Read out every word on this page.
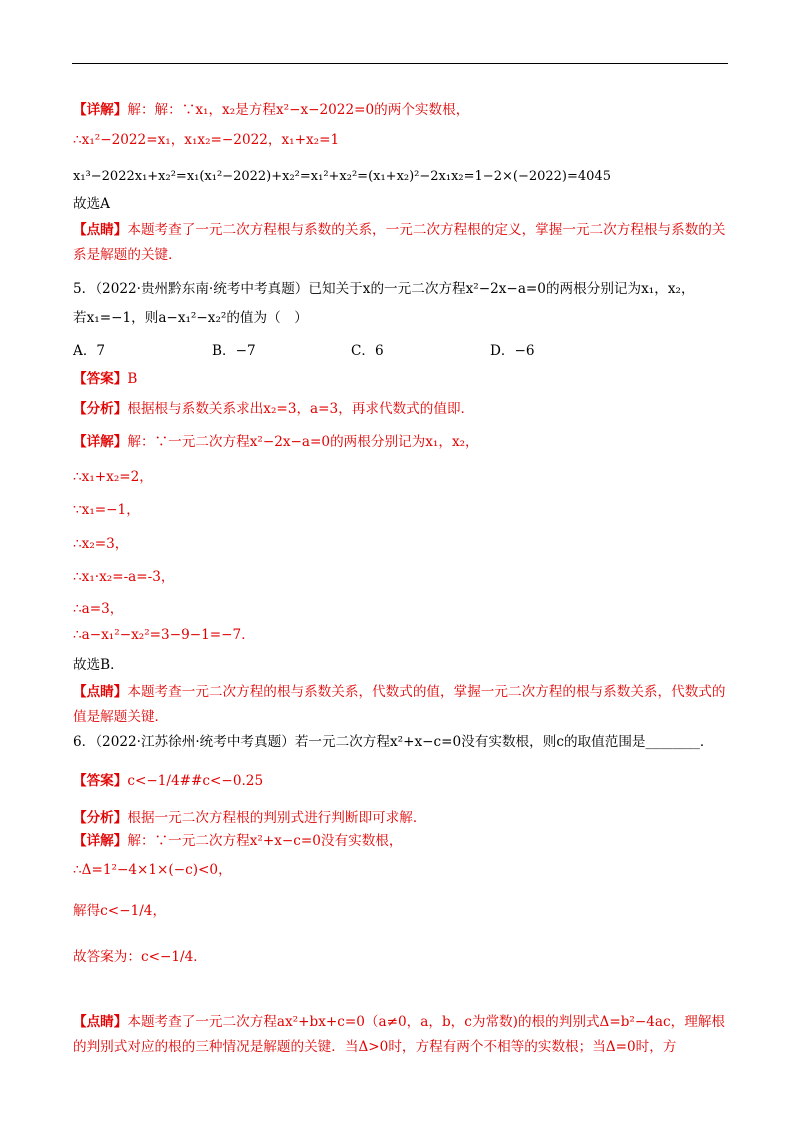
【详解】解：解：∵x₁，x₂是方程x²−x−2022=0的两个实数根，
∴x₁²−2022=x₁，x₁x₂=−2022，x₁+x₂=1
x₁³−2022x₁+x₂²=x₁(x₁²−2022)+x₂²=x₁²+x₂²=(x₁+x₂)²−2x₁x₂=1−2×(−2022)=4045
故选A
【点睛】本题考查了一元二次方程根与系数的关系，一元二次方程根的定义，掌握一元二次方程根与系数的关系是解题的关键．
5．（2022·贵州黔东南·统考中考真题）已知关于x的一元二次方程x²−2x−a=0的两根分别记为x₁，x₂，
若x₁=−1，则a−x₁²−x₂²的值为（　）
A．7	B．−7	C．6	D．−6
【答案】B
【分析】根据根与系数关系求出x₂=3，a=3，再求代数式的值即．
【详解】解：∵一元二次方程x²−2x−a=0的两根分别记为x₁，x₂，
∴x₁+x₂=2，
∵x₁=−1，
∴x₂=3，
∴x₁·x₂=-a=-3，
∴a=3，
∴a−x₁²−x₂²=3−9−1=−7．
故选B．
【点睛】本题考查一元二次方程的根与系数关系，代数式的值，掌握一元二次方程的根与系数关系，代数式的值是解题关键．
6．（2022·江苏徐州·统考中考真题）若一元二次方程x²+x−c=0没有实数根，则c的取值范围是________．
【答案】c<−1/4##c<−0.25
【分析】根据一元二次方程根的判别式进行判断即可求解．
【详解】解：∵一元二次方程x²+x−c=0没有实数根，
∴Δ=1²−4×1×(−c)<0，
解得c<−1/4，
故答案为：c<−1/4．
【点睛】本题考查了一元二次方程ax²+bx+c=0（a≠0，a，b，c为常数)的根的判别式Δ=b²−4ac，理解根的判别式对应的根的三种情况是解题的关键．当Δ>0时，方程有两个不相等的实数根；当Δ=0时，方
